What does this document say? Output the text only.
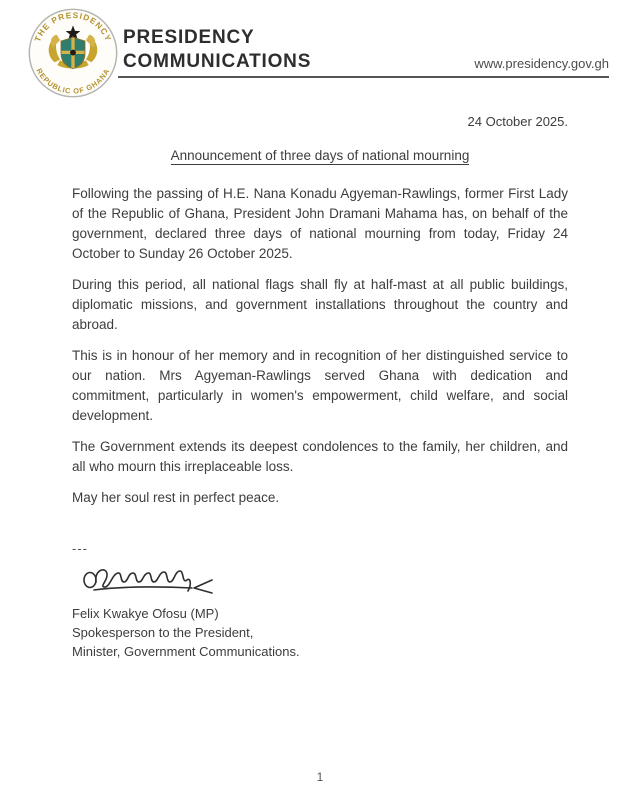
THE PRESIDENCY
REPUBLIC OF GHANA
PRESIDENCY
COMMUNICATIONS	www.presidency.gov.gh
24 October 2025.
Announcement of three days of national mourning

Following the passing of H.E. Nana Konadu Agyeman-Rawlings, former First Lady of the Republic of Ghana, President John Dramani Mahama has, on behalf of the government, declared three days of national mourning from today, Friday 24 October to Sunday 26 October 2025.

During this period, all national flags shall fly at half-mast at all public buildings, diplomatic missions, and government installations throughout the country and abroad.

This is in honour of her memory and in recognition of her distinguished service to our nation. Mrs Agyeman-Rawlings served Ghana with dedication and commitment, particularly in women's empowerment, child welfare, and social development.

The Government extends its deepest condolences to the family, her children, and all who mourn this irreplaceable loss.

May her soul rest in perfect peace.

---
Felix Kwakye Ofosu (MP)
Spokesperson to the President,
Minister, Government Communications.
1
